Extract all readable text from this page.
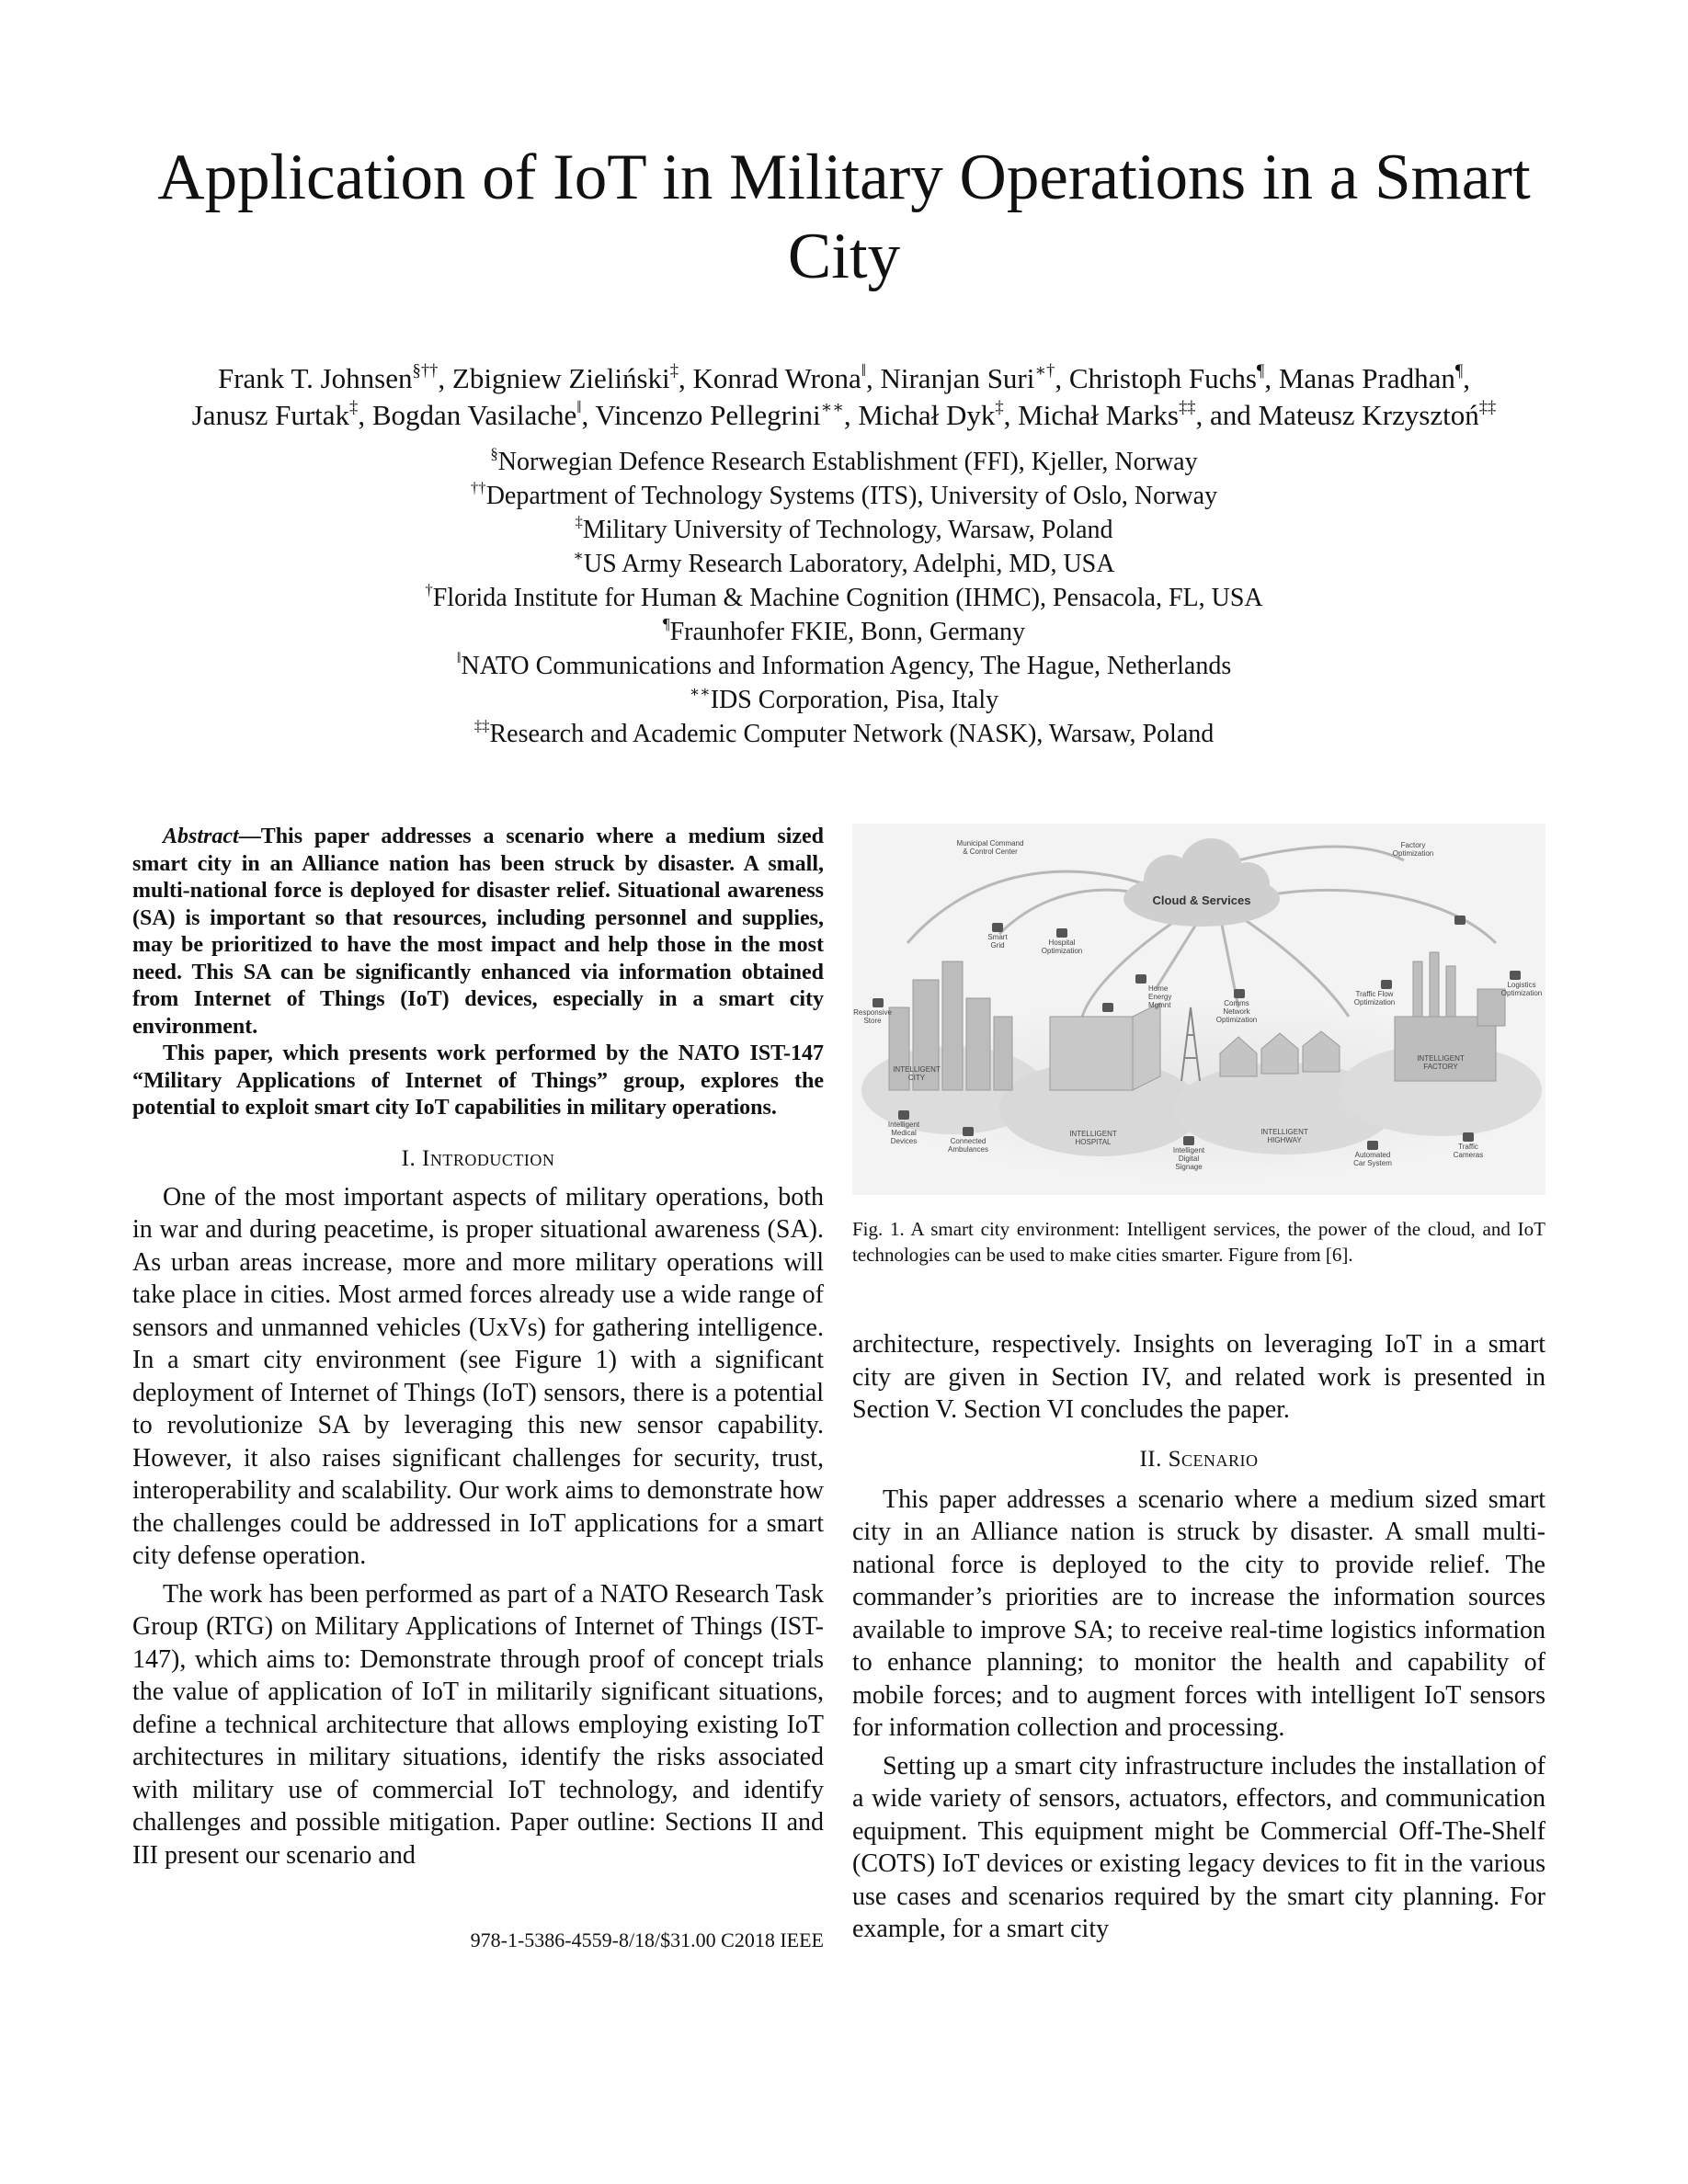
Application of IoT in Military Operations in a Smart City
Frank T. Johnsen§††, Zbigniew Zieliński‡, Konrad Wrona‖, Niranjan Suri∗†, Christoph Fuchs¶, Manas Pradhan¶,
Janusz Furtak‡, Bogdan Vasilache‖, Vincenzo Pellegrini∗∗, Michał Dyk‡, Michał Marks‡‡, and Mateusz Krzysztoń‡‡
§Norwegian Defence Research Establishment (FFI), Kjeller, Norway
††Department of Technology Systems (ITS), University of Oslo, Norway
‡Military University of Technology, Warsaw, Poland
∗US Army Research Laboratory, Adelphi, MD, USA
†Florida Institute for Human & Machine Cognition (IHMC), Pensacola, FL, USA
¶Fraunhofer FKIE, Bonn, Germany
‖NATO Communications and Information Agency, The Hague, Netherlands
∗∗IDS Corporation, Pisa, Italy
‡‡Research and Academic Computer Network (NASK), Warsaw, Poland

Abstract—This paper addresses a scenario where a medium sized smart city in an Alliance nation has been struck by disaster. A small, multi-national force is deployed for disaster relief. Situational awareness (SA) is important so that resources, including personnel and supplies, may be prioritized to have the most impact and help those in the most need. This SA can be significantly enhanced via information obtained from Internet of Things (IoT) devices, especially in a smart city environment.

This paper, which presents work performed by the NATO IST-147 “Military Applications of Internet of Things” group, explores the potential to exploit smart city IoT capabilities in military operations.

I. Introduction

One of the most important aspects of military operations, both in war and during peacetime, is proper situational awareness (SA). As urban areas increase, more and more military operations will take place in cities. Most armed forces already use a wide range of sensors and unmanned vehicles (UxVs) for gathering intelligence. In a smart city environment (see Figure 1) with a significant deployment of Internet of Things (IoT) sensors, there is a potential to revolutionize SA by leveraging this new sensor capability. However, it also raises significant challenges for security, trust, interoperability and scalability. Our work aims to demonstrate how the challenges could be addressed in IoT applications for a smart city defense operation.

The work has been performed as part of a NATO Research Task Group (RTG) on Military Applications of Internet of Things (IST-147), which aims to: Demonstrate through proof of concept trials the value of application of IoT in militarily significant situations, define a technical architecture that allows employing existing IoT architectures in military situations, identify the risks associated with military use of commercial IoT technology, and identify challenges and possible mitigation. Paper outline: Sections II and III present our scenario and

978-1-5386-4559-8/18/$31.00 C2018 IEEE
Cloud & Services
Municipal Command & Control Center
Factory Optimization
Logistics Optimization
Responsive Store
Smart Grid	Hospital Optimization
Home Energy Mgmnt
Traffic Flow Optimization
Comms Network Optimization
INTELLIGENT CITY
INTELLIGENT HOSPITAL
INTELLIGENT HIGHWAY
INTELLIGENT FACTORY
Intelligent Medical Devices	Connected Ambulances	Intelligent Digital Signage
Automated Car System
Traffic Cameras
Fig. 1. A smart city environment: Intelligent services, the power of the cloud, and IoT technologies can be used to make cities smarter. Figure from [6].

architecture, respectively. Insights on leveraging IoT in a smart city are given in Section IV, and related work is presented in Section V. Section VI concludes the paper.

II. Scenario

This paper addresses a scenario where a medium sized smart city in an Alliance nation is struck by disaster. A small multi-national force is deployed to the city to provide relief. The commander’s priorities are to increase the information sources available to improve SA; to receive real-time logistics information to enhance planning; to monitor the health and capability of mobile forces; and to augment forces with intelligent IoT sensors for information collection and processing.

Setting up a smart city infrastructure includes the installation of a wide variety of sensors, actuators, effectors, and communication equipment. This equipment might be Commercial Off-The-Shelf (COTS) IoT devices or existing legacy devices to fit in the various use cases and scenarios required by the smart city planning. For example, for a smart city
